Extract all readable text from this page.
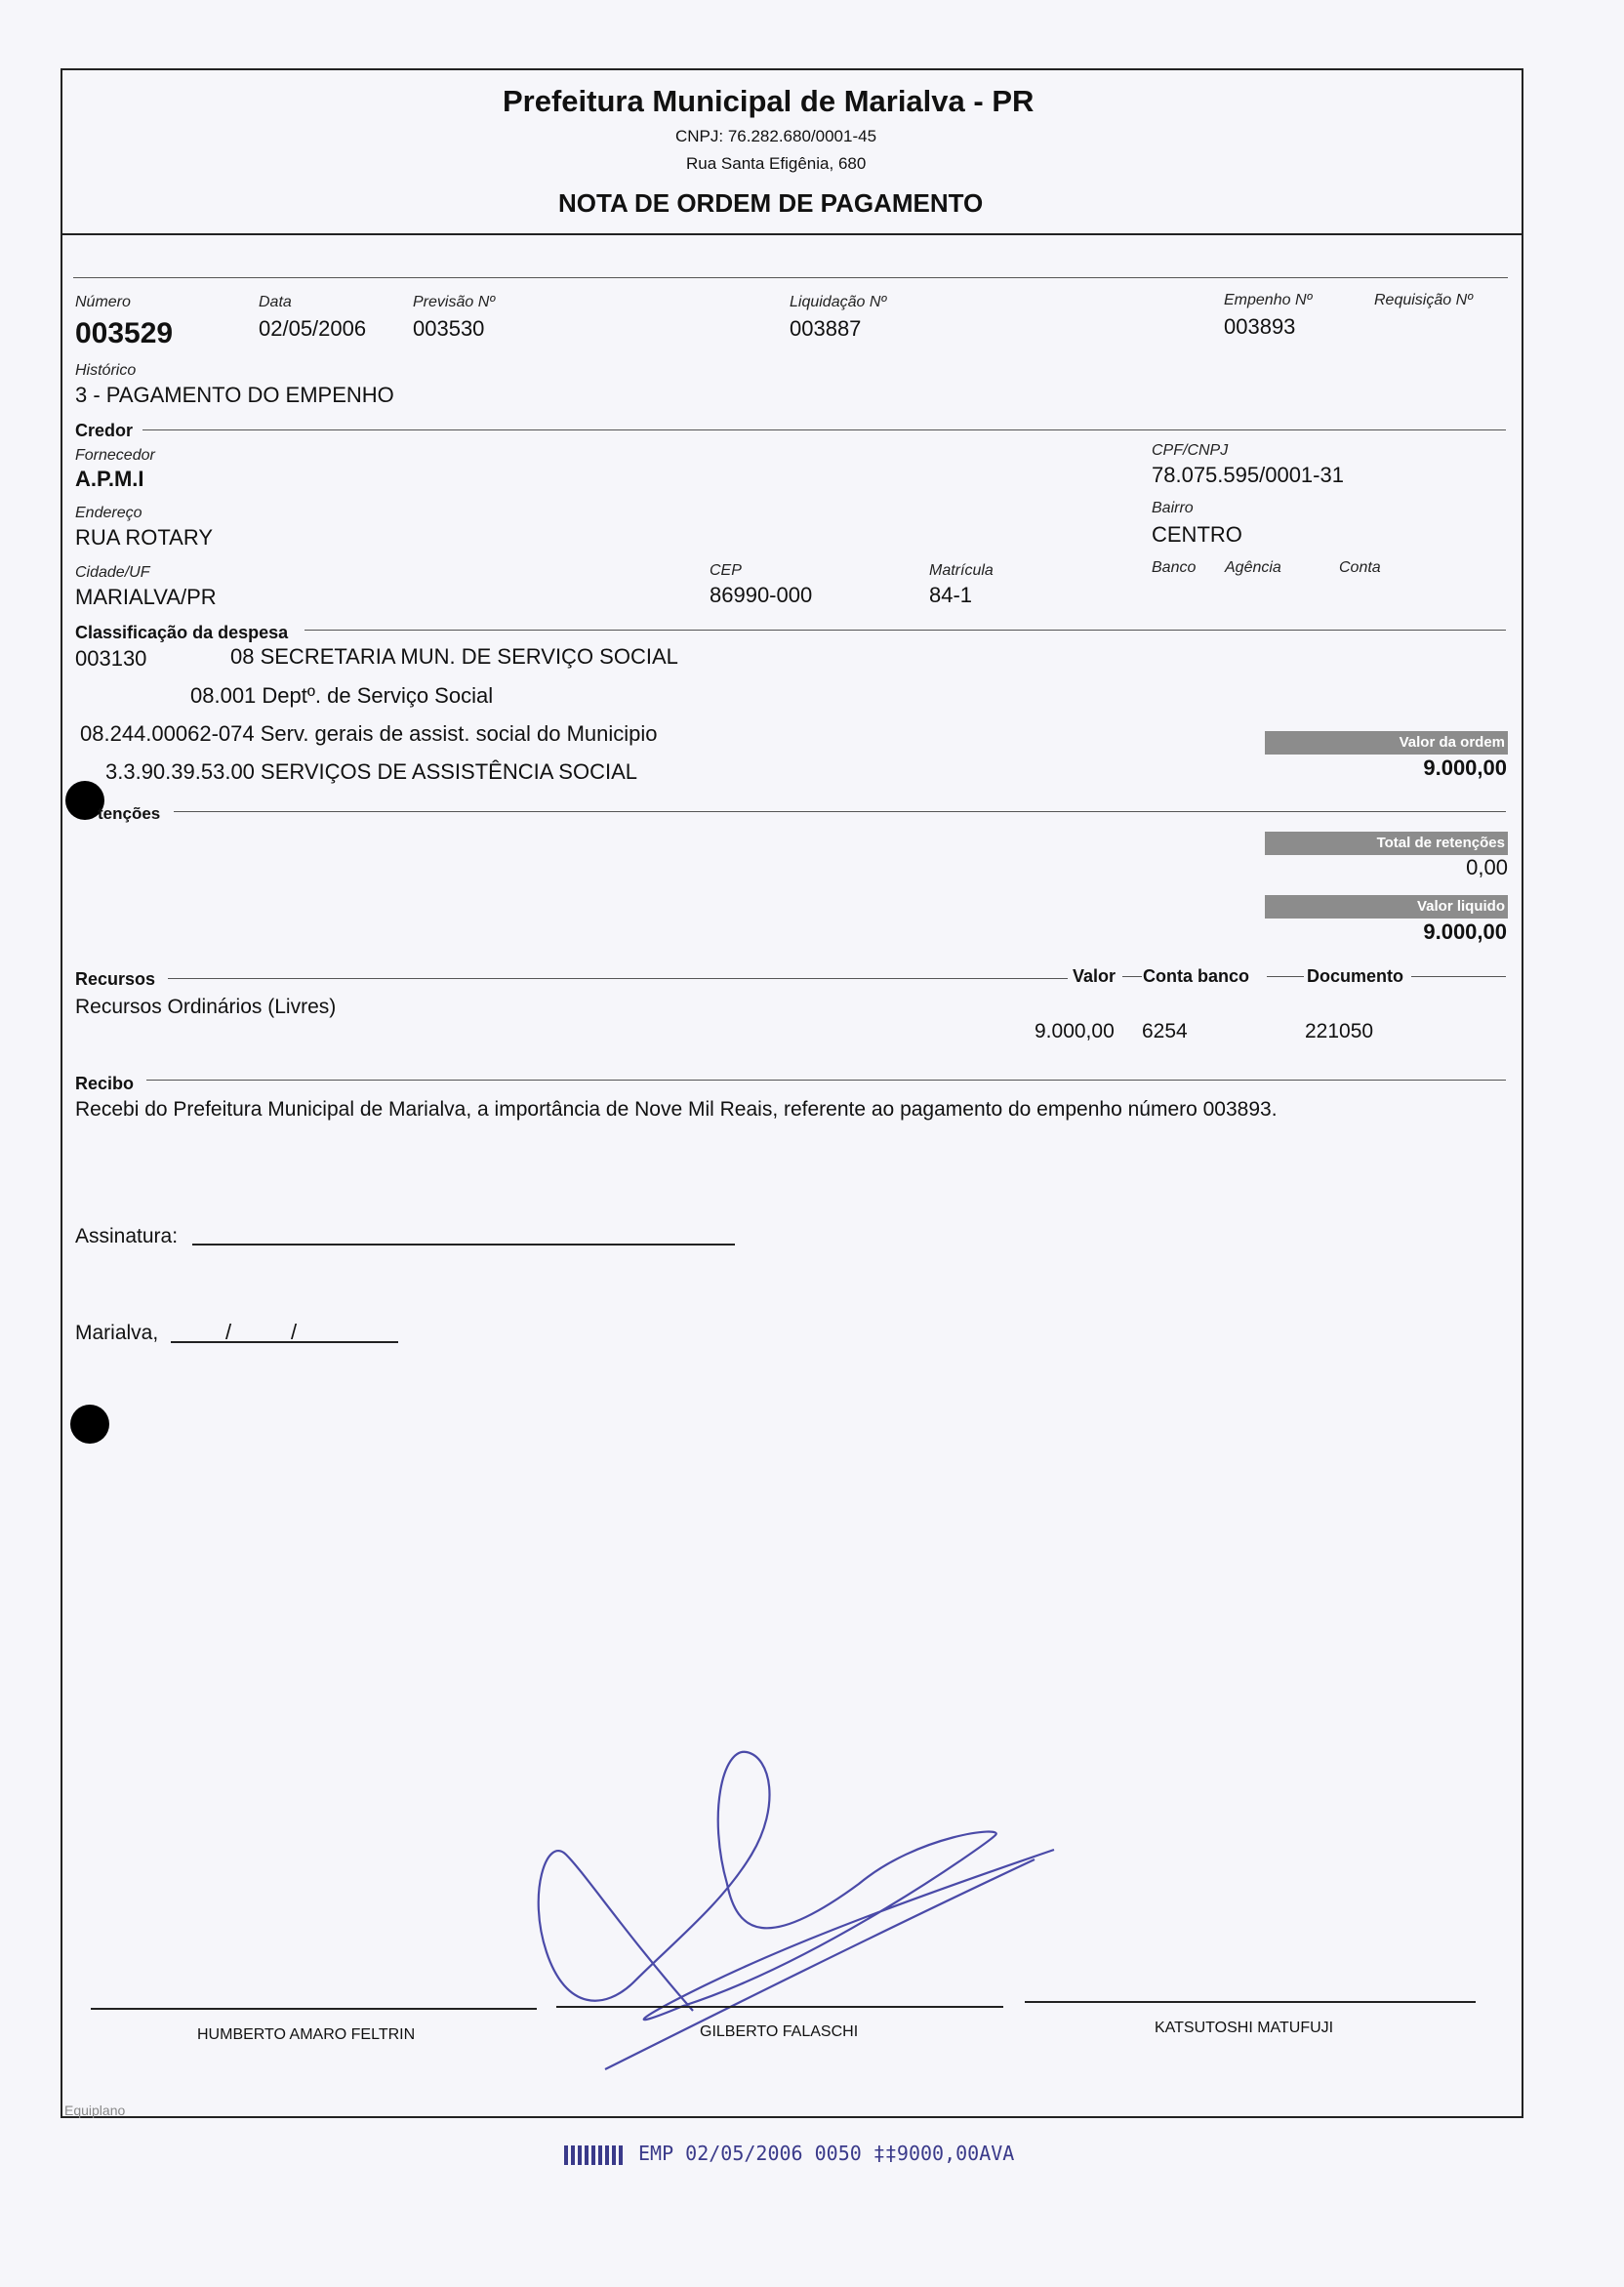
Prefeitura Municipal de Marialva - PR
CNPJ: 76.282.680/0001-45
Rua Santa Efigênia, 680
NOTA DE ORDEM DE PAGAMENTO
Número
003529
Data
02/05/2006
Previsão Nº
003530
Liquidação Nº
003887
Empenho Nº
003893
Requisição Nº
Histórico
3 - PAGAMENTO DO EMPENHO
Credor
Fornecedor
A.P.M.I
CPF/CNPJ
78.075.595/0001-31
Endereço
RUA ROTARY
Bairro
CENTRO
Cidade/UF
MARIALVA/PR
CEP
86990-000
Matrícula
84-1
Banco Agência	Conta
Classificação da despesa
003130	08 SECRETARIA MUN. DE SERVIÇO SOCIAL
08.001 Deptº. de Serviço Social
08.244.00062-074 Serv. gerais de assist. social do Municipio
3.3.90.39.53.00 SERVIÇOS DE ASSISTÊNCIA SOCIAL
Valor da ordem
9.000,00
tenções
Total de retenções
0,00
Valor liquido
9.000,00
Recursos	Valor Conta banco	Documento
Recursos Ordinários (Livres)
9.000,00 6254	221050
Recibo
Recebi do Prefeitura Municipal de Marialva, a importância de Nove Mil Reais, referente ao pagamento do empenho número 003893.
Assinatura:
Marialva,	/	/
HUMBERTO AMARO FELTRIN	GILBERTO FALASCHI	KATSUTOSHI MATUFUJI
Equiplano
EMP 02/05/2006 0050 ‡‡9000,00AVA
